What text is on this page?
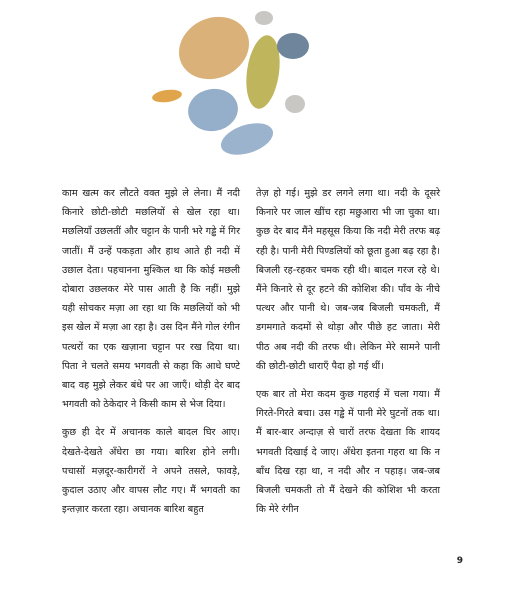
काम खत्म कर लौटते वक्त मुझे ले लेना। मैं नदी किनारे छोटी-छोटी मछलियों से खेल रहा था। मछलियाँ उछलतीं और चट्टान के पानी भरे गड्ढे में गिर जातीं। मैं उन्हें पकड़ता और हाथ आते ही नदी में उछाल देता। पहचानना मुश्किल था कि कोई मछली दोबारा उछलकर मेरे पास आती है कि नहीं। मुझे यही सोचकर मज़ा आ रहा था कि मछलियों को भी इस खेल में मज़ा आ रहा है। उस दिन मैंने गोल रंगीन पत्थरों का एक खज़ाना चट्टान पर रख दिया था। पिता ने चलते समय भगवती से कहा कि आधे घण्टे बाद वह मुझे लेकर बंधे पर आ जाएँ। थोड़ी देर बाद भगवती को ठेकेदार ने किसी काम से भेज दिया।

कुछ ही देर में अचानक काले बादल घिर आए। देखते-देखते अँधेरा छा गया। बारिश होने लगी। पचासों मज़दूर-कारीगरों ने अपने तसले, फावड़े, कुदाल उठाए और वापस लौट गए। मैं भगवती का इन्तज़ार करता रहा। अचानक बारिश बहुत

तेज़ हो गई। मुझे डर लगने लगा था। नदी के दूसरे किनारे पर जाल खींच रहा मछुआरा भी जा चुका था। कुछ देर बाद मैंने महसूस किया कि नदी मेरी तरफ बढ़ रही है। पानी मेरी पिण्डलियों को छूता हुआ बढ़ रहा है। बिजली रह-रहकर चमक रही थी। बादल गरज रहे थे। मैंने किनारे से दूर हटने की कोशिश की। पाँव के नीचे पत्थर और पानी थे। जब-जब बिजली चमकती, मैं डगमगाते कदमों से थोड़ा और पीछे हट जाता। मेरी पीठ अब नदी की तरफ थी। लेकिन मेरे सामने पानी की छोटी-छोटी धाराएँ पैदा हो गई थीं।

एक बार तो मेरा कदम कुछ गहराई में चला गया। मैं गिरते-गिरते बचा। उस गड्ढे में पानी मेरे घुटनों तक था। मैं बार-बार अन्दाज़ से चारों तरफ देखता कि शायद भगवती दिखाई दे जाए। अँधेरा इतना गहरा था कि न बाँध दिख रहा था, न नदी और न पहाड़। जब-जब बिजली चमकती तो मैं देखने की कोशिश भी करता कि मेरे रंगीन

9
